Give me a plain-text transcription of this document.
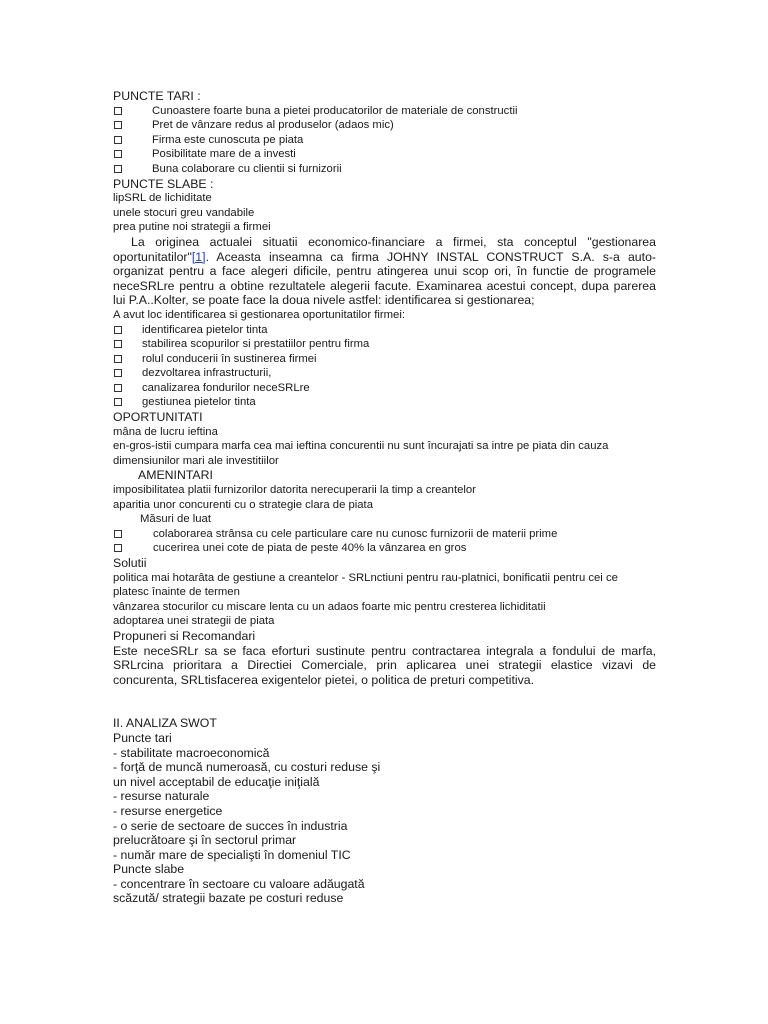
PUNCTE TARI :
Cunoastere foarte buna a pietei producatorilor de materiale de constructii
Pret de vânzare redus al produselor (adaos mic)
Firma este cunoscuta pe piata
Posibilitate mare de a investi
Buna colaborare cu clientii si furnizorii
PUNCTE SLABE :
lipSRL de lichiditate
unele stocuri greu vandabile
prea putine noi strategii a firmei
La originea actualei situatii economico-financiare a firmei, sta conceptul "gestionarea oportunitatilor"[1]. Aceasta inseamna ca firma JOHNY INSTAL CONSTRUCT S.A. s-a auto-organizat pentru a face alegeri dificile, pentru atingerea unui scop ori, în functie de programele neceSRLre pentru a obtine rezultatele alegerii facute. Examinarea acestui concept, dupa parerea lui P.A..Kolter, se poate face la doua nivele astfel: identificarea si gestionarea;
A avut loc identificarea si gestionarea oportunitatilor firmei:
identificarea pietelor tinta
stabilirea scopurilor si prestatiilor pentru firma
rolul conducerii în sustinerea firmei
dezvoltarea infrastructurii,
canalizarea fondurilor neceSRLre
gestiunea pietelor tinta
OPORTUNITATI
mâna de lucru ieftina
en-gros-istii cumpara marfa cea mai ieftina concurentii nu sunt încurajati sa intre pe piata din cauza dimensiunilor mari ale investitiilor
AMENINTARI
imposibilitatea platii furnizorilor datorita nerecuperarii la timp a creantelor
aparitia unor concurenti cu o strategie clara de piata
Măsuri de luat
colaborarea strânsa cu cele particulare care nu cunosc furnizorii de materii prime
cucerirea unei cote de piata de peste 40% la vânzarea en gros
Solutii
politica mai hotarâta de gestiune a creantelor - SRLnctiuni pentru rau-platnici, bonificatii pentru cei ce platesc înainte de termen
vânzarea stocurilor cu miscare lenta cu un adaos foarte mic pentru cresterea lichiditatii
adoptarea unei strategii de piata
Propuneri si Recomandari
Este neceSRLr sa se faca eforturi sustinute pentru contractarea integrala a fondului de marfa, SRLrcina prioritara a Directiei Comerciale, prin aplicarea unei strategii elastice vizavi de concurenta, SRLtisfacerea exigentelor pietei, o politica de preturi competitiva.
II. ANALIZA SWOT
Puncte tari
- stabilitate macroeconomică
- forţă de muncă numeroasă, cu costuri reduse şi
un nivel acceptabil de educaţie iniţială
- resurse naturale
- resurse energetice
- o serie de sectoare de succes în industria
prelucrătoare şi în sectorul primar
- număr mare de specialişti în domeniul TIC
Puncte slabe
- concentrare în sectoare cu valoare adăugată
scăzută/ strategii bazate pe costuri reduse
